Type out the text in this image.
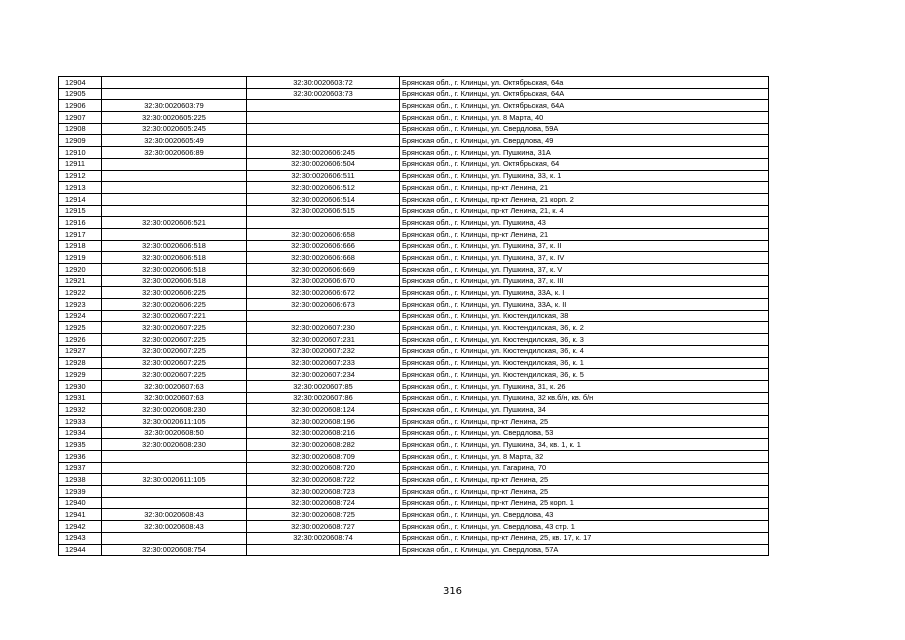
12904		32:30:0020603:72	Брянская обл., г. Клинцы, ул. Октябрьская, 64а
12905		32:30:0020603:73	Брянская обл., г. Клинцы, ул. Октябрьская, 64А
12906	32:30:0020603:79		Брянская обл., г. Клинцы, ул. Октябрьская, 64А
12907	32:30:0020605:225		Брянская обл., г. Клинцы, ул. 8 Марта, 40
12908	32:30:0020605:245		Брянская обл., г. Клинцы, ул. Свердлова, 59А
12909	32:30:0020605:49		Брянская обл., г. Клинцы, ул. Свердлова, 49
12910	32:30:0020606:89	32:30:0020606:245	Брянская обл., г. Клинцы, ул. Пушкина, 31А
12911		32:30:0020606:504	Брянская обл., г. Клинцы, ул. Октябрьская, 64
12912		32:30:0020606:511	Брянская обл., г. Клинцы, ул. Пушкина, 33, к. 1
12913		32:30:0020606:512	Брянская обл., г. Клинцы, пр-кт Ленина, 21
12914		32:30:0020606:514	Брянская обл., г. Клинцы, пр-кт Ленина, 21 корп. 2
12915		32:30:0020606:515	Брянская обл., г. Клинцы, пр-кт Ленина, 21, к. 4
12916	32:30:0020606:521		Брянская обл., г. Клинцы, ул. Пушкина, 43
12917		32:30:0020606:658	Брянская обл., г. Клинцы, пр-кт Ленина, 21
12918	32:30:0020606:518	32:30:0020606:666	Брянская обл., г. Клинцы, ул. Пушкина, 37, к. II
12919	32:30:0020606:518	32:30:0020606:668	Брянская обл., г. Клинцы, ул. Пушкина, 37, к. IV
12920	32:30:0020606:518	32:30:0020606:669	Брянская обл., г. Клинцы, ул. Пушкина, 37, к. V
12921	32:30:0020606:518	32:30:0020606:670	Брянская обл., г. Клинцы, ул. Пушкина, 37, к. III
12922	32:30:0020606:225	32:30:0020606:672	Брянская обл., г. Клинцы, ул. Пушкина, 33А, к. I
12923	32:30:0020606:225	32:30:0020606:673	Брянская обл., г. Клинцы, ул. Пушкина, 33А, к. II
12924	32:30:0020607:221		Брянская обл., г. Клинцы, ул. Кюстендилская, 38
12925	32:30:0020607:225	32:30:0020607:230	Брянская обл., г. Клинцы, ул. Кюстендилская, 36, к. 2
12926	32:30:0020607:225	32:30:0020607:231	Брянская обл., г. Клинцы, ул. Кюстендилская, 36, к. 3
12927	32:30:0020607:225	32:30:0020607:232	Брянская обл., г. Клинцы, ул. Кюстендилская, 36, к. 4
12928	32:30:0020607:225	32:30:0020607:233	Брянская обл., г. Клинцы, ул. Кюстендилская, 36, к. 1
12929	32:30:0020607:225	32:30:0020607:234	Брянская обл., г. Клинцы, ул. Кюстендилская, 36, к. 5
12930	32:30:0020607:63	32:30:0020607:85	Брянская обл., г. Клинцы, ул. Пушкина, 31, к. 26
12931	32:30:0020607:63	32:30:0020607:86	Брянская обл., г. Клинцы, ул. Пушкина, 32 кв.б/н, кв. б/н
12932	32:30:0020608:230	32:30:0020608:124	Брянская обл., г. Клинцы, ул. Пушкина, 34
12933	32:30:0020611:105	32:30:0020608:196	Брянская обл., г. Клинцы, пр-кт Ленина, 25
12934	32:30:0020608:50	32:30:0020608:216	Брянская обл., г. Клинцы, ул. Свердлова, 53
12935	32:30:0020608:230	32:30:0020608:282	Брянская обл., г. Клинцы, ул. Пушкина, 34, кв. 1, к. 1
12936		32:30:0020608:709	Брянская обл., г. Клинцы, ул. 8 Марта, 32
12937		32:30:0020608:720	Брянская обл., г. Клинцы, ул. Гагарина, 70
12938	32:30:0020611:105	32:30:0020608:722	Брянская обл., г. Клинцы, пр-кт Ленина, 25
12939		32:30:0020608:723	Брянская обл., г. Клинцы, пр-кт Ленина, 25
12940		32:30:0020608:724	Брянская обл., г. Клинцы, пр-кт Ленина, 25 корп. 1
12941	32:30:0020608:43	32:30:0020608:725	Брянская обл., г. Клинцы, ул. Свердлова, 43
12942	32:30:0020608:43	32:30:0020608:727	Брянская обл., г. Клинцы, ул. Свердлова, 43 стр. 1
12943		32:30:0020608:74	Брянская обл., г. Клинцы, пр-кт Ленина, 25, кв. 17, к. 17
12944	32:30:0020608:754		Брянская обл., г. Клинцы, ул. Свердлова, 57А
316
